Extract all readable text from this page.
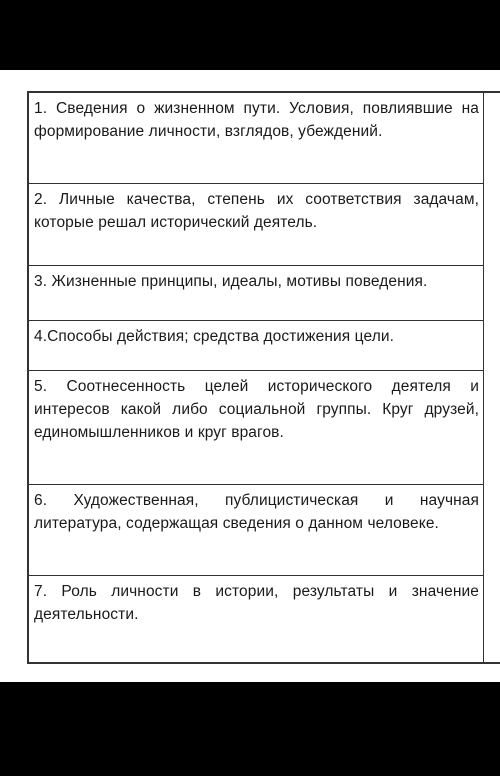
1. Сведения о жизненном пути. Условия, повлиявшие на формирование личности, взглядов, убеждений.
2. Личные качества, степень их соответствия задачам, которые решал исторический деятель.
3. Жизненные принципы, идеалы, мотивы поведения.
4.Способы действия; средства достижения цели.
5. Соотнесенность целей исторического деятеля и интересов какой либо социальной группы. Круг друзей, единомышленников и круг врагов.
6. Художественная, публицистическая и научная литература, содержащая сведения о данном человеке.
7. Роль личности в истории, результаты и значение деятельности.
